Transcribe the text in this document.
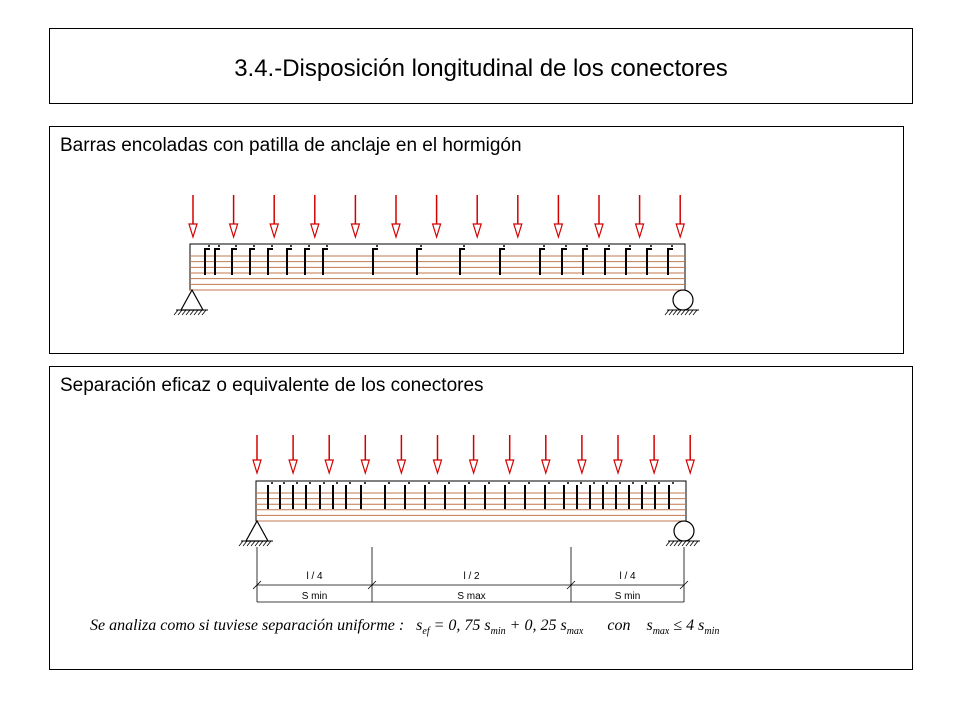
3.4.-Disposición longitudinal de los conectores
Barras encoladas con patilla de anclaje en el hormigón
Separación eficaz o equivalente de los conectores
l / 4
S min
l / 2
S max
l / 4
S min
Se analiza como si tuviese separación uniforme : $s_{ef} = 0$, 75 $s_{min} + 0$, 25 $s_{max}$ con $s_{max} \le 4$ $s_{min}$
